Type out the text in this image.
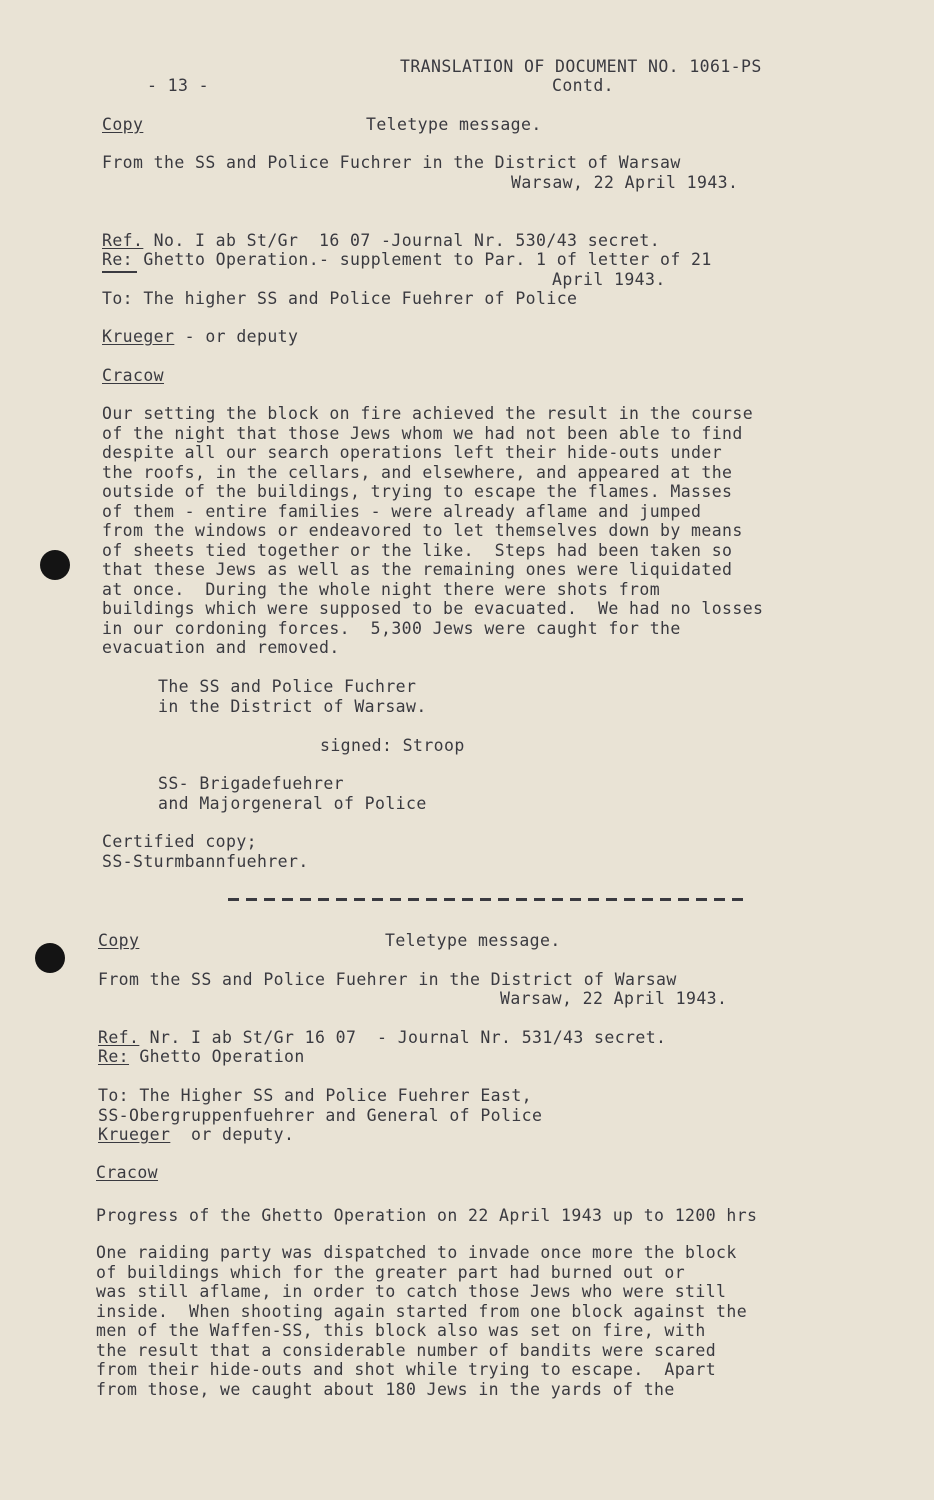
- 13 -
TRANSLATION OF DOCUMENT NO. 1061-PS
Contd.
Copy	Teletype message.
From the SS and Police Fuchrer in the District of Warsaw
Warsaw, 22 April 1943.
Ref. No. I ab St/Gr  16 07 -Journal Nr. 530/43 secret.
Re: Ghetto Operation.- supplement to Par. 1 of letter of 21
April 1943.
To: The higher SS and Police Fuehrer of Police
Krueger - or deputy
Cracow
Our setting the block on fire achieved the result in the course
of the night that those Jews whom we had not been able to find
despite all our search operations left their hide-outs under
the roofs, in the cellars, and elsewhere, and appeared at the
outside of the buildings, trying to escape the flames. Masses
of them - entire families - were already aflame and jumped
from the windows or endeavored to let themselves down by means
of sheets tied together or the like.  Steps had been taken so
that these Jews as well as the remaining ones were liquidated
at once.  During the whole night there were shots from
buildings which were supposed to be evacuated.  We had no losses
in our cordoning forces.  5,300 Jews were caught for the
evacuation and removed.
The SS and Police Fuchrer
in the District of Warsaw.
signed: Stroop
SS- Brigadefuehrer
and Majorgeneral of Police
Certified copy;
SS-Sturmbannfuehrer.
Copy	Teletype message.
From the SS and Police Fuehrer in the District of Warsaw
Warsaw, 22 April 1943.
Ref. Nr. I ab St/Gr 16 07  - Journal Nr. 531/43 secret.
Re: Ghetto Operation
To: The Higher SS and Police Fuehrer East,
SS-Obergruppenfuehrer and General of Police
Krueger  or deputy.
Cracow
Progress of the Ghetto Operation on 22 April 1943 up to 1200 hrs
One raiding party was dispatched to invade once more the block
of buildings which for the greater part had burned out or
was still aflame, in order to catch those Jews who were still
inside.  When shooting again started from one block against the
men of the Waffen-SS, this block also was set on fire, with
the result that a considerable number of bandits were scared
from their hide-outs and shot while trying to escape.  Apart
from those, we caught about 180 Jews in the yards of the
